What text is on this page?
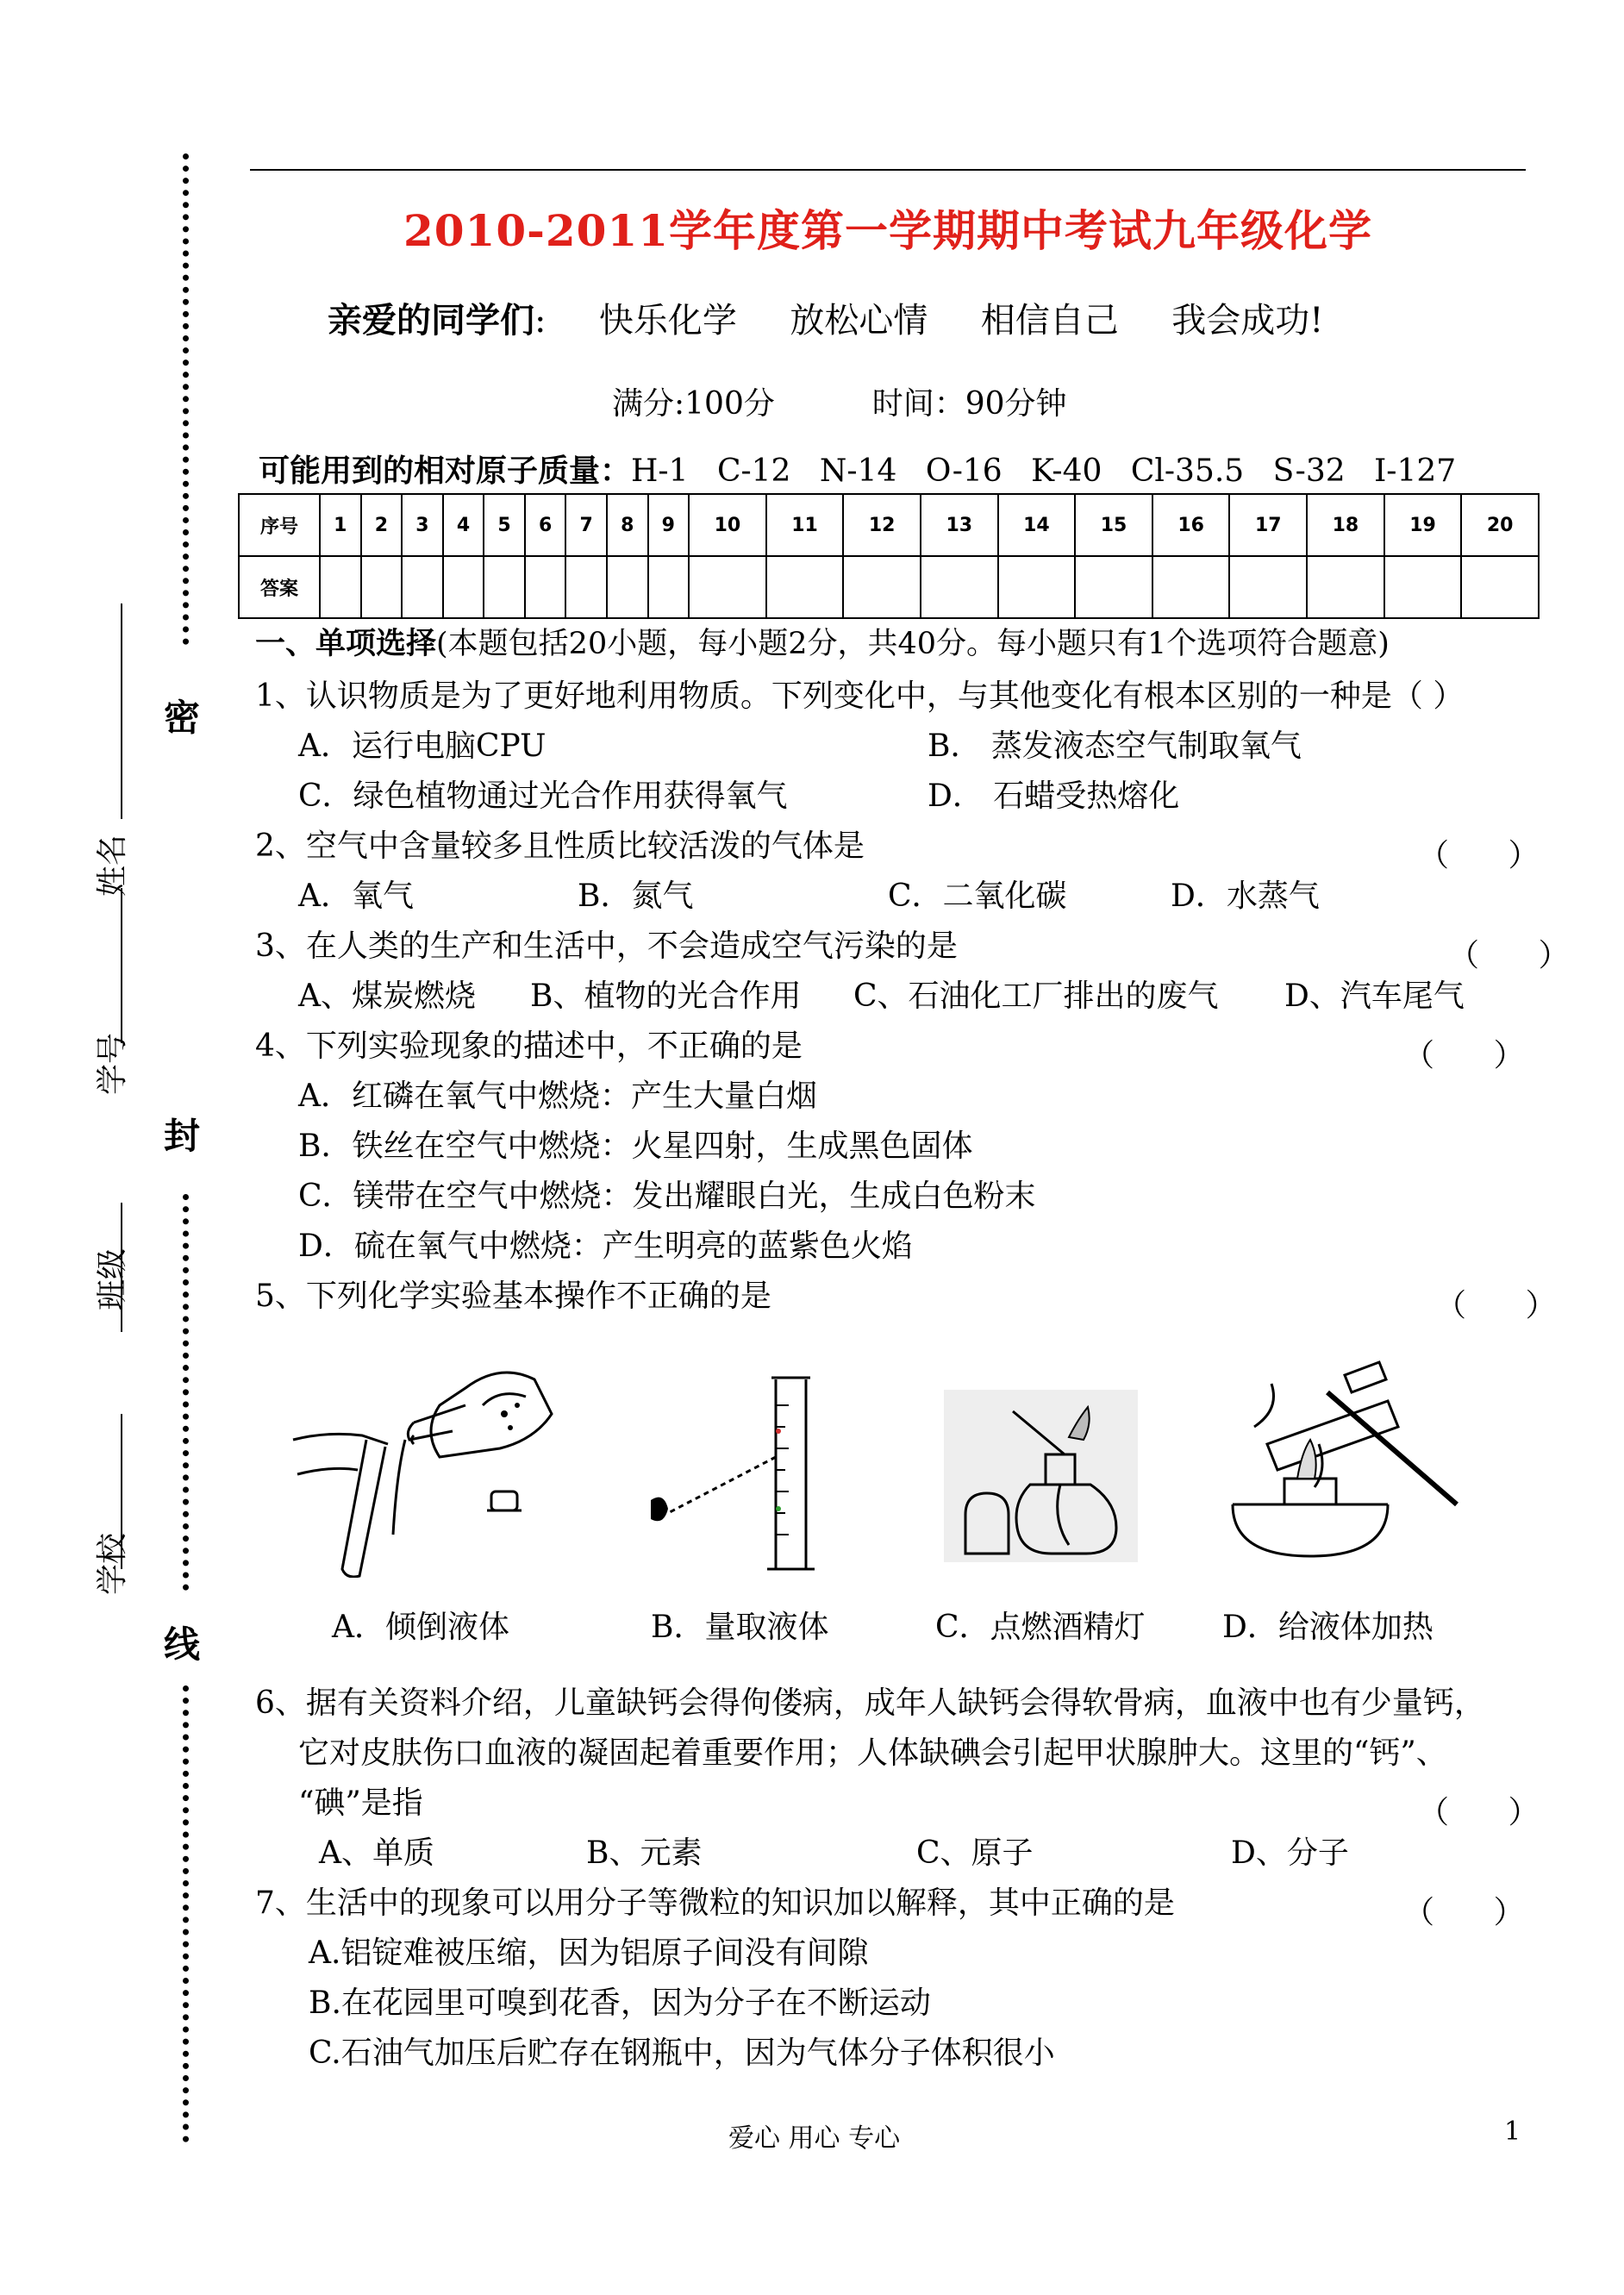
密
封
线
姓名
学号
班级
学校
2010-2011学年度第一学期期中考试九年级化学
亲爱的同学们: 快乐化学 放松心情 相信自己 我会成功!
满分:100分	时间：90分钟
可能用到的相对原子质量：H-1 C-12 N-14 O-16 K-40 Cl-35.5 S-32 I-127
序号	1	2	3	4	5	6	7	8	9	10	11	12	13	14	15	16	17	18	19	20
答案																				
一、单项选择(本题包括20小题，每小题2分，共40分。每小题只有1个选项符合题意)
1、认识物质是为了更好地利用物质。下列变化中，与其他变化有根本区别的一种是（ ）
A．运行电脑CPU	B． 蒸发液态空气制取氧气
C．绿色植物通过光合作用获得氧气	D． 石蜡受热熔化
2、空气中含量较多且性质比较活泼的气体是	（      ）
A．氧气	B．氮气	C．二氧化碳	D．水蒸气
3、在人类的生产和生活中，不会造成空气污染的是	（      ）
A、煤炭燃烧 B、植物的光合作用 C、石油化工厂排出的废气 D、汽车尾气
4、下列实验现象的描述中，不正确的是	（      ）
A．红磷在氧气中燃烧：产生大量白烟
B．铁丝在空气中燃烧：火星四射，生成黑色固体
C．镁带在空气中燃烧：发出耀眼白光，生成白色粉末
D．硫在氧气中燃烧：产生明亮的蓝紫色火焰
5、下列化学实验基本操作不正确的是	（      ）
A．倾倒液体	B．量取液体	C．点燃酒精灯 D．给液体加热
6、据有关资料介绍，儿童缺钙会得佝偻病，成年人缺钙会得软骨病，血液中也有少量钙，
它对皮肤伤口血液的凝固起着重要作用；人体缺碘会引起甲状腺肿大。这里的“钙”、
“碘”是指	（      ）
A、单质	B、元素	C、原子	D、分子
7、生活中的现象可以用分子等微粒的知识加以解释，其中正确的是	（      ）
A.铝锭难被压缩，因为铝原子间没有间隙
B.在花园里可嗅到花香，因为分子在不断运动
C.石油气加压后贮存在钢瓶中，因为气体分子体积很小
爱心 用心 专心	1
